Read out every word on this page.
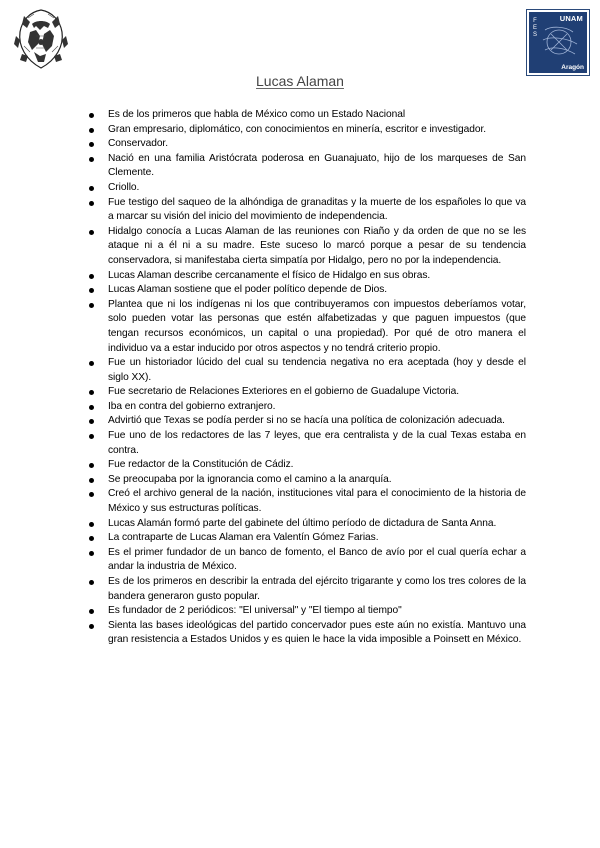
UNAM
FES
Aragón
Lucas Alaman
Es de los primeros que habla de México como un Estado Nacional
Gran empresario, diplomático, con conocimientos en minería, escritor e investigador.
Conservador.
Nació en una familia Aristócrata poderosa en Guanajuato, hijo de los marqueses de San Clemente.
Criollo.
Fue testigo del saqueo de la alhóndiga de granaditas y la muerte de los españoles lo que va a marcar su visión del inicio del movimiento de independencia.
Hidalgo conocía a Lucas Alaman de las reuniones con Riaño y da orden de que no se les ataque ni a él ni a su madre. Este suceso lo marcó porque a pesar de su tendencia conservadora, si manifestaba cierta simpatía por Hidalgo, pero no por la independencia.
Lucas Alaman describe cercanamente el físico de Hidalgo en sus obras.
Lucas Alaman sostiene que el poder político depende de Dios.
Plantea que ni los indígenas ni los que contribuyeramos con impuestos deberíamos votar, solo pueden votar las personas que estén alfabetizadas y que paguen impuestos (que tengan recursos económicos, un capital o una propiedad). Por qué de otro manera el individuo va a estar inducido por otros aspectos y no tendrá criterio propio.
Fue un historiador lúcido del cual su tendencia negativa no era aceptada (hoy y desde el siglo XX).
Fue secretario de Relaciones Exteriores en el gobierno de Guadalupe Victoria.
Iba en contra del gobierno extranjero.
Advirtió que Texas se podía perder si no se hacía una política de colonización adecuada.
Fue uno de los redactores de las 7 leyes, que era centralista y de la cual Texas estaba en contra.
Fue redactor de la Constitución de Cádiz.
Se preocupaba por la ignorancia como el camino a la anarquía.
Creó el archivo general de la nación, instituciones vital para el conocimiento de la historia de México y sus estructuras políticas.
Lucas Alamán formó parte del gabinete del último período de dictadura de Santa Anna.
La contraparte de Lucas Alaman era Valentín Gómez Farias.
Es el primer fundador de un banco de fomento, el Banco de avío por el cual quería echar a andar la industria de México.
Es de los primeros en describir la entrada del ejército trigarante y como los tres colores de la bandera generaron gusto popular.
Es fundador de 2 periódicos: "El universal" y "El tiempo al tiempo"
Sienta las bases ideológicas del partido concervador pues este aún no existía. Mantuvo una gran resistencia a Estados Unidos y es quien le hace la vida imposible a Poinsett en México.
